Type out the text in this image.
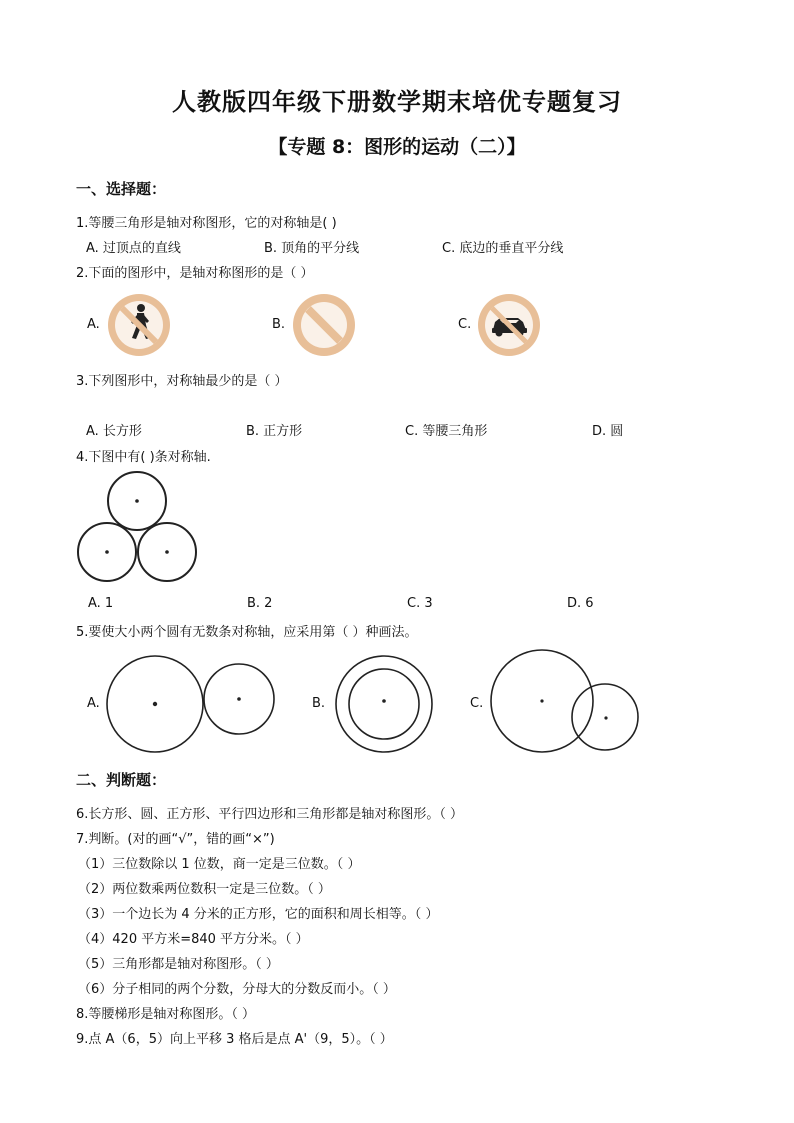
人教版四年级下册数学期末培优专题复习
【专题 8：图形的运动（二）】
一、选择题：
1.等腰三角形是轴对称图形，它的对称轴是( )
A. 过顶点的直线	B. 顶角的平分线	C. 底边的垂直平分线
2.下面的图形中，是轴对称图形的是（ ）
A.	B.	C.
3.下列图形中，对称轴最少的是（ ）
A. 长方形	B. 正方形	C. 等腰三角形	D. 圆
4.下图中有( )条对称轴.
A. 1	B. 2	C. 3	D. 6
5.要使大小两个圆有无数条对称轴，应采用第（ ）种画法。
A.	B.	C.
二、判断题：
6.长方形、圆、正方形、平行四边形和三角形都是轴对称图形。（ ）
7.判断。(对的画“√”，错的画“×”)
（1）三位数除以 1 位数，商一定是三位数。（ ）
（2）两位数乘两位数积一定是三位数。（ ）
（3）一个边长为 4 分米的正方形，它的面积和周长相等。（ ）
（4）420 平方米=840 平方分米。（ ）
（5）三角形都是轴对称图形。（ ）
（6）分子相同的两个分数，分母大的分数反而小。（ ）
8.等腰梯形是轴对称图形。（ ）
9.点 A（6，5）向上平移 3 格后是点 A'（9，5）。（ ）
